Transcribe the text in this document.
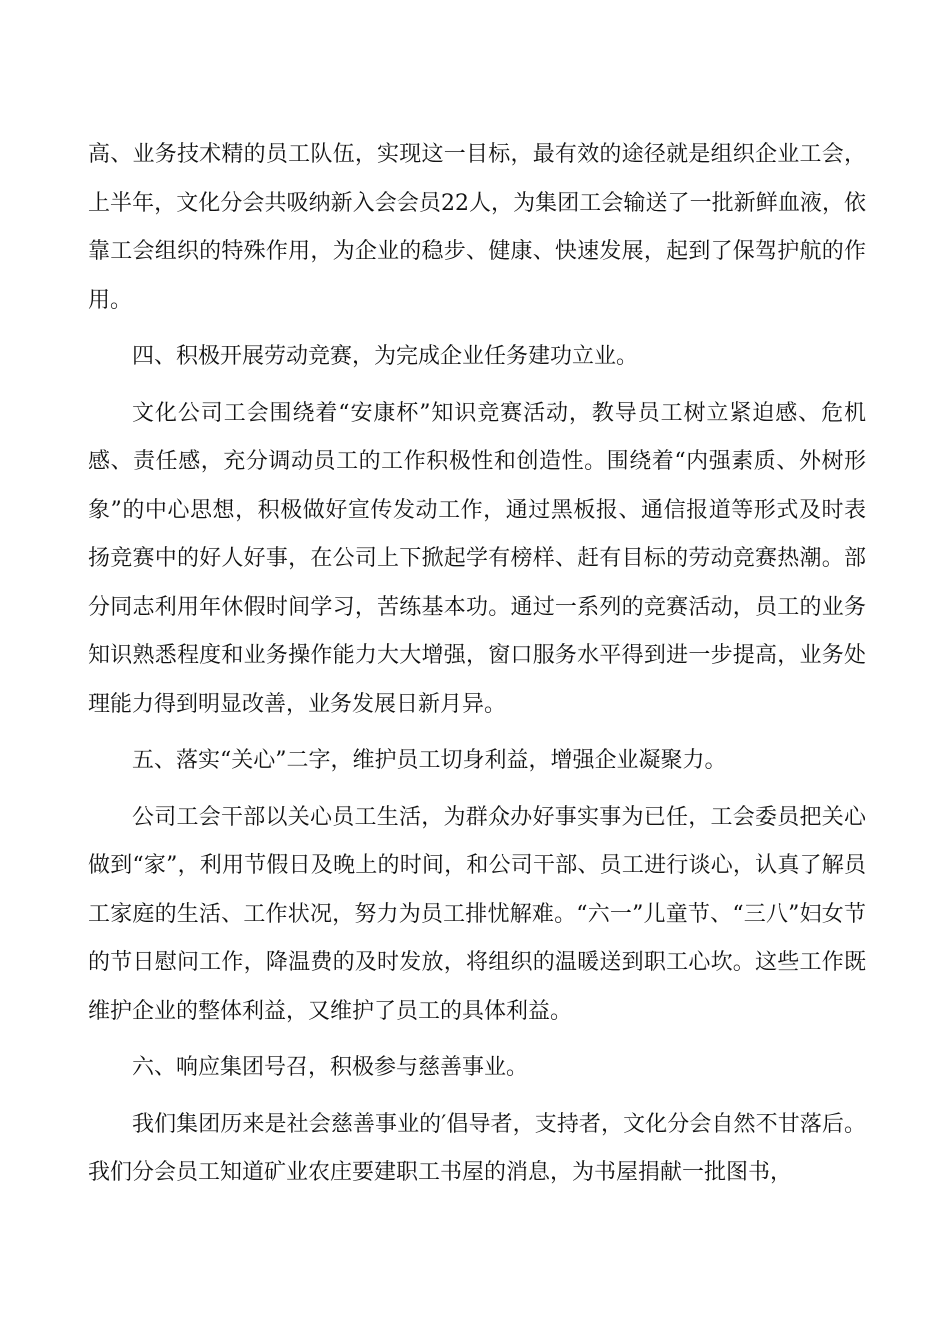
高、业务技术精的员工队伍，实现这一目标，最有效的途径就是组织企业工会，上半年，文化分会共吸纳新入会会员22人，为集团工会输送了一批新鲜血液，依靠工会组织的特殊作用，为企业的稳步、健康、快速发展，起到了保驾护航的作用。

四、积极开展劳动竞赛，为完成企业任务建功立业。

文化公司工会围绕着“安康杯”知识竞赛活动，教导员工树立紧迫感、危机感、责任感，充分调动员工的工作积极性和创造性。围绕着“内强素质、外树形象”的中心思想，积极做好宣传发动工作，通过黑板报、通信报道等形式及时表扬竞赛中的好人好事，在公司上下掀起学有榜样、赶有目标的劳动竞赛热潮。部分同志利用年休假时间学习，苦练基本功。通过一系列的竞赛活动，员工的业务知识熟悉程度和业务操作能力大大增强，窗口服务水平得到进一步提高，业务处理能力得到明显改善，业务发展日新月异。

五、落实“关心”二字，维护员工切身利益，增强企业凝聚力。

公司工会干部以关心员工生活，为群众办好事实事为已任，工会委员把关心做到“家”，利用节假日及晚上的时间，和公司干部、员工进行谈心，认真了解员工家庭的生活、工作状况，努力为员工排忧解难。“六一”儿童节、“三八”妇女节的节日慰问工作，降温费的及时发放，将组织的温暖送到职工心坎。这些工作既维护企业的整体利益，又维护了员工的具体利益。

六、响应集团号召，积极参与慈善事业。

我们集团历来是社会慈善事业的′倡导者，支持者，文化分会自然不甘落后。我们分会员工知道矿业农庄要建职工书屋的消息，为书屋捐献一批图书，
